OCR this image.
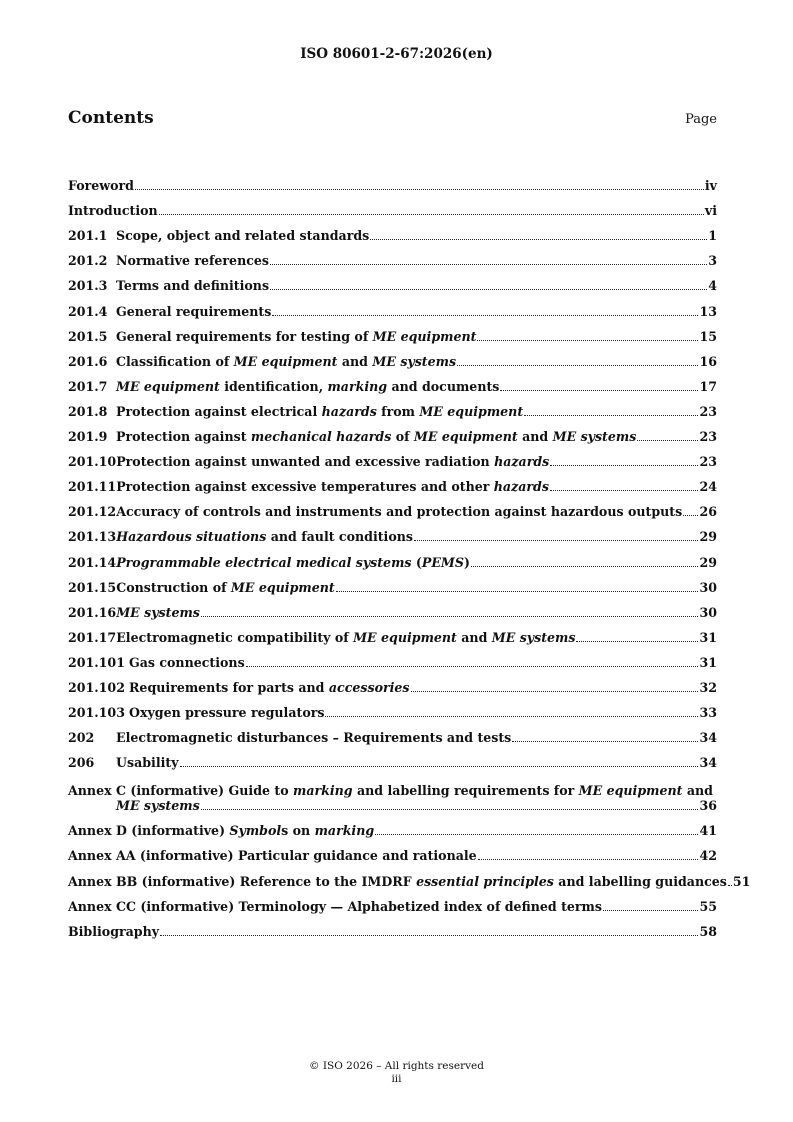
ISO 80601-2-67:2026(en)
Contents	Page
Foreword	iv
Introduction	vi
201.1 Scope, object and related standards	1
201.2 Normative references	3
201.3 Terms and definitions	4
201.4 General requirements	13
201.5 General requirements for testing of ME equipment	15
201.6 Classification of ME equipment and ME systems	16
201.7 ME equipment identification, marking and documents	17
201.8 Protection against electrical hazards from ME equipment	23
201.9 Protection against mechanical hazards of ME equipment and ME systems	23
201.10 Protection against unwanted and excessive radiation hazards	23
201.11 Protection against excessive temperatures and other hazards	24
201.12 Accuracy of controls and instruments and protection against hazardous outputs 26
201.13 Hazardous situations and fault conditions	29
201.14 Programmable electrical medical systems (PEMS)	29
201.15 Construction of ME equipment	30
201.16 ME systems	30
201.17 Electromagnetic compatibility of ME equipment and ME systems	31
201.101 Gas connections	31
201.102 Requirements for parts and accessories	32
201.103 Oxygen pressure regulators	33
202	Electromagnetic disturbances – Requirements and tests	34
206	Usability	34
Annex C (informative) Guide to marking and labelling requirements for ME equipment and
ME systems	36
Annex D (informative) Symbols on marking	41
Annex AA (informative) Particular guidance and rationale	42
Annex BB (informative) Reference to the IMDRF essential principles and labelling guidances 51
Annex CC (informative) Terminology — Alphabetized index of defined terms	55
Bibliography	58
© ISO 2026 – All rights reserved
iii
